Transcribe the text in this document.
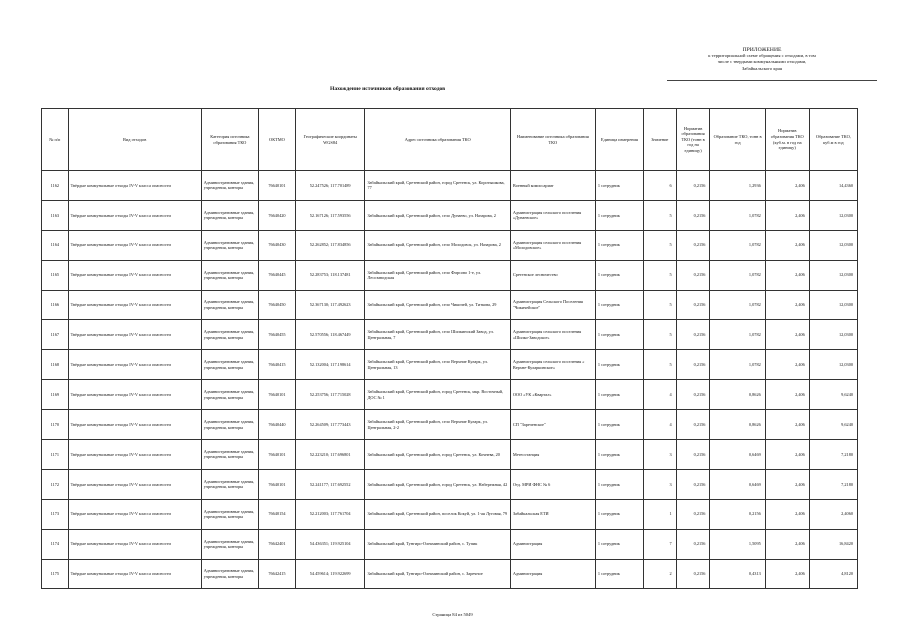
ПРИЛОЖЕНИЕ
к территориальной схеме обращения с отходами, в том
числе с твердыми коммунальными отходами,
Забайкальского края
Нахождение источников образования отходов
№ п/п	Вид отходов	Категория источника образования ТКО	ОКТМО	Географические координаты WGS84	Адрес источника образования ТКО	Наименование источника образования ТКО	Единица измерения	Значение	Норматив образования ТКО (тонн в год на единицу)	Образование ТКО, тонн в год	Норматив образования ТКО (куб.м. в год на единицу)	Образование ТКО, куб.м в год
1162	Твёрдые коммунальные отходы IV-V класса опасности	Административные здания, учреждения, конторы	76640101	52.247526; 117.701489	Забайкальский край, Сретенский район, город Сретенск, ул. Коротышкова, 77	Военный комиссариат	1 сотрудник	6	0,2156	1,2936	2,406	14,4360
1163	Твёрдые коммунальные отходы IV-V класса опасности	Административные здания, учреждения, конторы	76640420	52.167126; 117.593556	Забайкальский край, Сретенский район, село Дунаево, ул. Назарова, 2	Администрация сельского поселения «Дунаевское»	1 сотрудник	5	0,2156	1,0782	2,406	12,0300
1164	Твёрдые коммунальные отходы IV-V класса опасности	Административные здания, учреждения, конторы	76640430	52.262852; 117.834856	Забайкальский край, Сретенский район, село Молодовск, ул. Назарова, 2	Администрация сельского поселения «Молодовское»	1 сотрудник	5	0,2156	1,0782	2,406	12,0300
1165	Твёрдые коммунальные отходы IV-V класса опасности	Административные здания, учреждения, конторы	76640445	52.283753; 118.137481	Забайкальский край, Сретенский район, село Фирсово 1-е, ул. Лесозаводская	Сретенское лесничество	1 сотрудник	5	0,2156	1,0782	2,406	12,0300
1166	Твёрдые коммунальные отходы IV-V класса опасности	Административные здания, учреждения, конторы	76640450	52.367130; 117.492623	Забайкальский край, Сретенский район, село Чикичей, ул. Титкова, 29	Администрация Сельского Поселения "Чикичейское"	1 сотрудник	5	0,2156	1,0782	2,406	12,0300
1167	Твёрдые коммунальные отходы IV-V класса опасности	Административные здания, учреждения, конторы	76640455	52.570556; 118.467449	Забайкальский край, Сретенский район, село Шилкинский Завод, ул. Центральная, 7	Администрация сельского поселения «Шилко-Заводское»	1 сотрудник	5	0,2156	1,0782	2,406	12,0300
1168	Твёрдые коммунальные отходы IV-V класса опасности	Административные здания, учреждения, конторы	76640415	52.132004; 117.198614	Забайкальский край, Сретенский район, село Верхние Куларк, ул. Центральная, 13	Администрация сельского поселения « Верхне-Куларкинское»	1 сотрудник	5	0,2156	1,0782	2,406	12,0300
1169	Твёрдые коммунальные отходы IV-V класса опасности	Административные здания, учреждения, конторы	76640101	52.253756; 117.715028	Забайкальский край, Сретенский район, город Сретенск, мкр. Восточный, ДОС № 1	ООО «УК «Квартал»	1 сотрудник	4	0,2156	0,8626	2,406	9,6240
1170	Твёрдые коммунальные отходы IV-V класса опасности	Административные здания, учреждения, конторы	76640440	52.264509; 117.773443	Забайкальский край, Сретенский район, село Верхние Куларк, ул. Центральная, 2-2	СП "Зареченское"	1 сотрудник	4	0,2156	0,8626	2,406	9,6240
1171	Твёрдые коммунальные отходы IV-V класса опасности	Административные здания, учреждения, конторы	76640101	52.223210; 117.696801	Забайкальский край, Сретенский район, город Сретенск, ул. Кочнева, 20	Метеостанция	1 сотрудник	3	0,2156	0,6469	2,406	7,2180
1172	Твёрдые коммунальные отходы IV-V класса опасности	Административные здания, учреждения, конторы	76640101	52.241177; 117.692552	Забайкальский край, Сретенский район, город Сретенск, ул. Набережная, 42	Отд. МРИ ФНС № 6	1 сотрудник	3	0,2156	0,6469	2,406	7,2180
1173	Твёрдые коммунальные отходы IV-V класса опасности	Административные здания, учреждения, конторы	76640154	52.212003; 117.761704	Забайкальский край, Сретенский район, поселок Кокуй, ул. 1-ая Луговая, 79	Забайкальская ЕТИ	1 сотрудник	1	0,2156	0,2156	2,406	2,4060
1174	Твёрдые коммунальные отходы IV-V класса опасности	Административные здания, учреждения, конторы	76642401	54.436351; 119.925104	Забайкальский край, Тунгиро-Олекминский район, с. Тупик	Администрация	1 сотрудник	7	0,2156	1,5095	2,406	16,8420
1175	Твёрдые коммунальные отходы IV-V класса опасности	Административные здания, учреждения, конторы	76642415	54.459614; 119.922699	Забайкальский край, Тунгиро-Олекминский район, с. Заречное	Администрация	1 сотрудник	2	0,2156	0,4313	2,406	4,8120
Страница 84 из 5049
